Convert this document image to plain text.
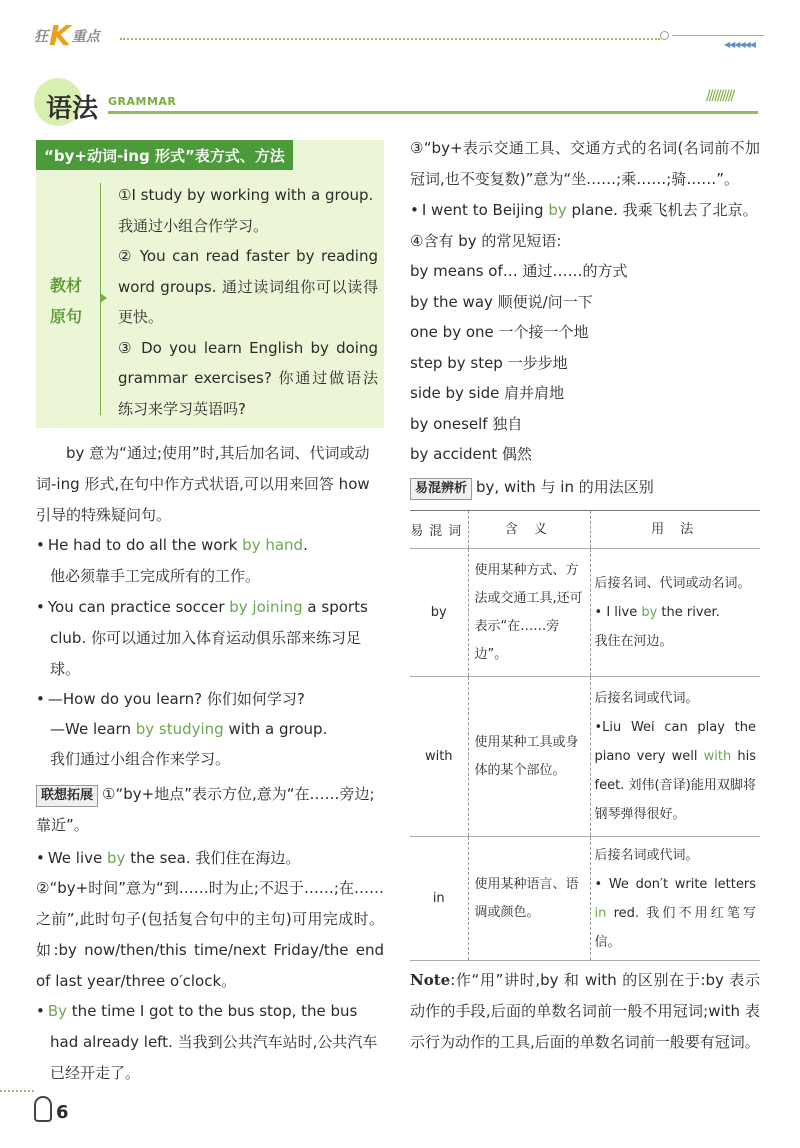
狂 K 重点	◀◀◀◀◀◀
语法 GRAMMAR	//////////
“by+动词-ing 形式”表方式、方法
教材原句
①I study by working with a group.
我通过小组合作学习。
② You can read faster by reading word groups. 通过读词组你可以读得更快。
③ Do you learn English by doing grammar exercises? 你通过做语法练习来学习英语吗?
by 意为“通过;使用”时,其后加名词、代词或动词-ing 形式,在句中作方式状语,可以用来回答 how 引导的特殊疑问句。
• He had to do all the work by hand.
他必须靠手工完成所有的工作。
• You can practice soccer by joining a sports club. 你可以通过加入体育运动俱乐部来练习足球。
• —How do you learn? 你们如何学习?
—We learn by studying with a group.
我们通过小组合作来学习。
联想拓展 ①“by+地点”表示方位,意为“在……旁边;靠近”。
• We live by the sea. 我们住在海边。
②“by+时间”意为“到……时为止;不迟于……;在……之前”,此时句子(包括复合句中的主句)可用完成时。如:by now/then/this time/next Friday/the end of last year/three o′clock。
• By the time I got to the bus stop, the bus had already left. 当我到公共汽车站时,公共汽车已经开走了。
③“by+表示交通工具、交通方式的名词(名词前不加冠词,也不变复数)”意为“坐……;乘……;骑……”。
• I went to Beijing by plane. 我乘飞机去了北京。
④含有 by 的常见短语:
by means of… 通过……的方式
by the way 顺便说/问一下
one by one 一个接一个地
step by step 一步步地
side by side 肩并肩地
by oneself 独自
by accident 偶然
易混辨析 by, with 与 in 的用法区别
易混词	含 义	用 法
by	使用某种方式、方法或交通工具,还可表示“在……旁边”。	后接名词、代词或动名词。
• I live by the river.
我住在河边。

with	使用某种工具或身体的某个部位。	后接名词或代词。
•Liu Wei can play the piano very well with his feet. 刘伟(音译)能用双脚将钢琴弹得很好。

in	使用某种语言、语调或颜色。	后接名词或代词。
• We don′t write letters in red. 我们不用红笔写信。
Note:作“用”讲时,by 和 with 的区别在于:by 表示动作的手段,后面的单数名词前一般不用冠词;with 表示行为动作的工具,后面的单数名词前一般要有冠词。
6
